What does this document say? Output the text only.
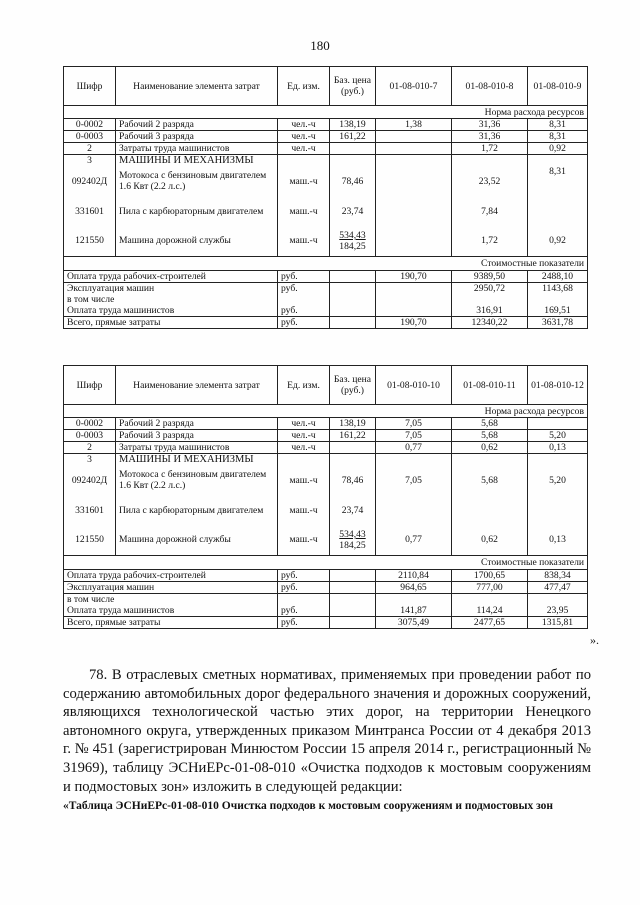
180
Шифр	Наименование элемента затрат	Ед. изм.	Баз. цена (руб.)	01-08-010-7	01-08-010-8	01-08-010-9
Норма расхода ресурсов						
0-0002	Рабочий 2 разряда	чел.-ч	138,19	1,38	31,36	8,31
0-0003	Рабочий 3 разряда	чел.-ч	161,22		31,36	8,31
2	Затраты труда машинистов	чел.-ч			1,72	0,92
3	МАШИНЫ И МЕХАНИЗМЫ					
092402Д	Мотокоса с бензиновым двигателем 1.6 Квт (2.2 л.с.)	маш.-ч	78,46		23,52	8,31
331601	Пила с карбюраторным двигателем	маш.-ч	23,74		7,84	
121550	Машина дорожной службы	маш.-ч	534,43
184,25		1,72	0,92
Стоимостные показатели						
Оплата труда рабочих-строителей		руб.		190,70	9389,50	2488,10
Эксплуатация машин		руб.			2950,72	1143,68
в том числе						
Оплата труда машинистов		руб.			316,91	169,51
Всего, прямые затраты		руб.		190,70	12340,22	3631,78
Шифр	Наименование элемента затрат	Ед. изм.	Баз. цена (руб.)	01-08-010-10	01-08-010-11	01-08-010-12
Норма расхода ресурсов						
0-0002	Рабочий 2 разряда	чел.-ч	138,19	7,05	5,68	
0-0003	Рабочий 3 разряда	чел.-ч	161,22	7,05	5,68	5,20
2	Затраты труда машинистов	чел.-ч		0,77	0,62	0,13
3	МАШИНЫ И МЕХАНИЗМЫ					
092402Д	Мотокоса с бензиновым двигателем 1.6 Квт (2.2 л.с.)	маш.-ч	78,46	7,05	5,68	5,20
331601	Пила с карбюраторным двигателем	маш.-ч	23,74			
121550	Машина дорожной службы	маш.-ч	534,43
184,25	0,77	0,62	0,13
Стоимостные показатели						
Оплата труда рабочих-строителей		руб.		2110,84	1700,65	838,34
Эксплуатация машин		руб.		964,65	777,00	477,47
в том числе						
Оплата труда машинистов		руб.		141,87	114,24	23,95
Всего, прямые затраты		руб.		3075,49	2477,65	1315,81
».

78. В отраслевых сметных нормативах, применяемых при проведении работ по содержанию автомобильных дорог федерального значения и дорожных сооружений, являющихся технологической частью этих дорог, на территории Ненецкого автономного округа, утвержденных приказом Минтранса России от 4 декабря 2013 г. № 451 (зарегистрирован Минюстом России 15 апреля 2014 г., регистрационный № 31969), таблицу ЭСНиЕРс-01-08-010 «Очистка подходов к мостовым сооружениям и подмостовых зон» изложить в следующей редакции:

«Таблица ЭСНиЕРс-01-08-010 Очистка подходов к мостовым сооружениям и подмостовых зон
